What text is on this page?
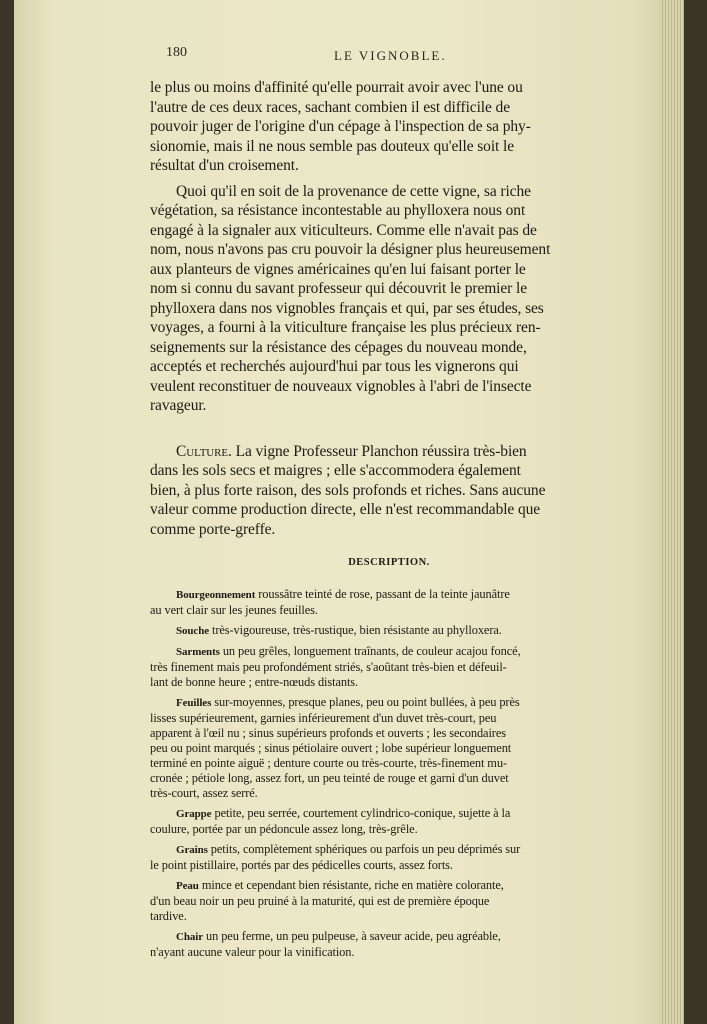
180	LE VIGNOBLE.
le plus ou moins d'affinité qu'elle pourrait avoir avec l'une ou
l'autre de ces deux races, sachant combien il est difficile de
pouvoir juger de l'origine d'un cépage à l'inspection de sa phy-
sionomie, mais il ne nous semble pas douteux qu'elle soit le
résultat d'un croisement.
Quoi qu'il en soit de la provenance de cette vigne, sa riche
végétation, sa résistance incontestable au phylloxera nous ont
engagé à la signaler aux viticulteurs. Comme elle n'avait pas de
nom, nous n'avons pas cru pouvoir la désigner plus heureusement
aux planteurs de vignes américaines qu'en lui faisant porter le
nom si connu du savant professeur qui découvrit le premier le
phylloxera dans nos vignobles français et qui, par ses études, ses
voyages, a fourni à la viticulture française les plus précieux ren-
seignements sur la résistance des cépages du nouveau monde,
acceptés et recherchés aujourd'hui par tous les vignerons qui
veulent reconstituer de nouveaux vignobles à l'abri de l'insecte
ravageur.
Culture. La vigne Professeur Planchon réussira très-bien
dans les sols secs et maigres ; elle s'accommodera également
bien, à plus forte raison, des sols profonds et riches. Sans aucune
valeur comme production directe, elle n'est recommandable que
comme porte-greffe.
DESCRIPTION.
Bourgeonnement roussâtre teinté de rose, passant de la teinte jaunâtre
au vert clair sur les jeunes feuilles.
Souche très-vigoureuse, très-rustique, bien résistante au phylloxera.
Sarments un peu grêles, longuement traînants, de couleur acajou foncé,
très finement mais peu profondément striés, s'aoûtant très-bien et défeuil-
lant de bonne heure ; entre-nœuds distants.
Feuilles sur-moyennes, presque planes, peu ou point bullées, à peu près
lisses supérieurement, garnies inférieurement d'un duvet très-court, peu
apparent à l'œil nu ; sinus supérieurs profonds et ouverts ; les secondaires
peu ou point marqués ; sinus pétiolaire ouvert ; lobe supérieur longuement
terminé en pointe aiguë ; denture courte ou très-courte, très-finement mu-
cronée ; pétiole long, assez fort, un peu teinté de rouge et garni d'un duvet
très-court, assez serré.
Grappe petite, peu serrée, courtement cylindrico-conique, sujette à la
coulure, portée par un pédoncule assez long, très-grêle.
Grains petits, complètement sphériques ou parfois un peu déprimés sur
le point pistillaire, portés par des pédicelles courts, assez forts.
Peau mince et cependant bien résistante, riche en matière colorante,
d'un beau noir un peu pruiné à la maturité, qui est de première époque
tardive.
Chair un peu ferme, un peu pulpeuse, à saveur acide, peu agréable,
n'ayant aucune valeur pour la vinification.
